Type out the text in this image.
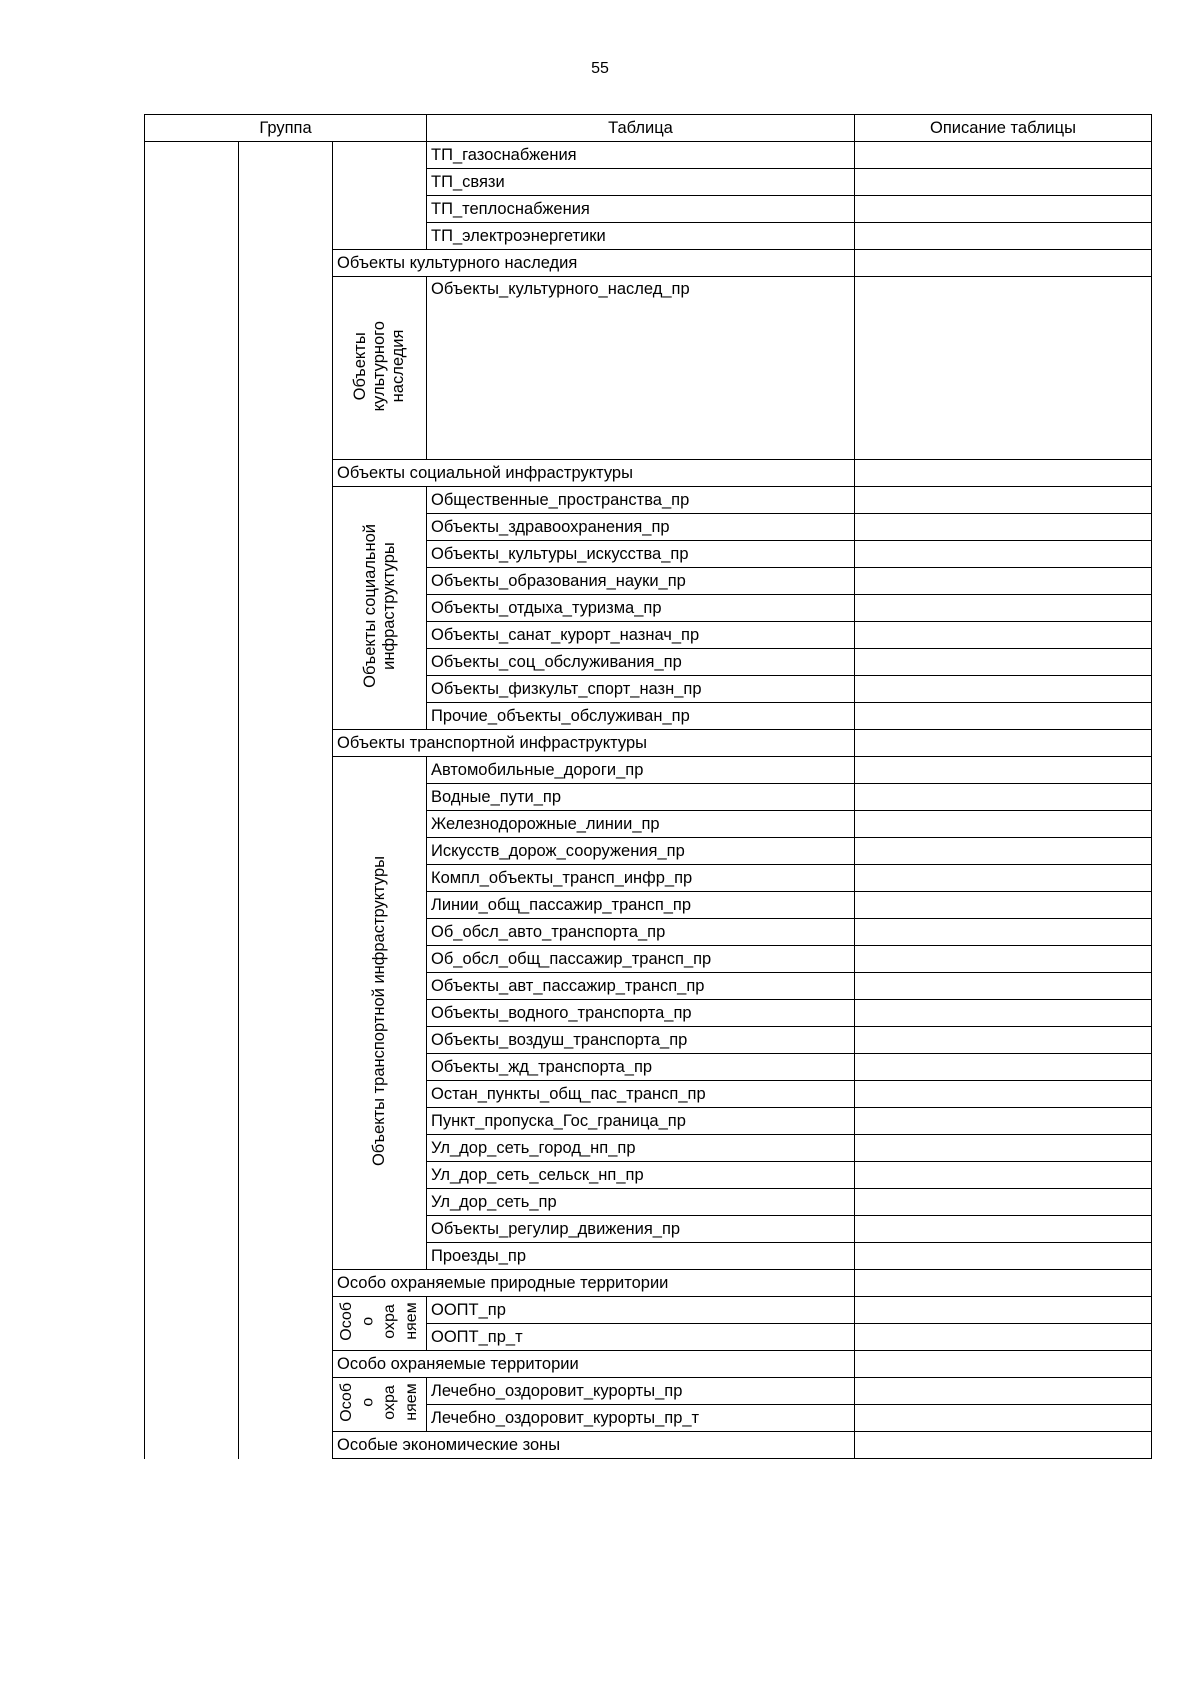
55
Группа			Таблица	Описание таблицы
			ТП_газоснабжения	
			ТП_связи	
			ТП_теплоснабжения	
			ТП_электроэнергетики	
		Объекты культурного наследия		
		Объекты
культурного
наследия	Объекты_культурного_наслед_пр	
		Объекты социальной инфраструктуры		
		Объекты социальной
инфраструктуры	Общественные_пространства_пр	
			Объекты_здравоохранения_пр	
			Объекты_культуры_искусства_пр	
			Объекты_образования_науки_пр	
			Объекты_отдыха_туризма_пр	
			Объекты_санат_курорт_назнач_пр	
			Объекты_соц_обслуживания_пр	
			Объекты_физкульт_спорт_назн_пр	
			Прочие_объекты_обслуживан_пр	
		Объекты транспортной инфраструктуры		
		Объекты транспортной инфраструктуры	Автомобильные_дороги_пр	
			Водные_пути_пр	
			Железнодорожные_линии_пр	
			Искусств_дорож_сооружения_пр	
			Компл_объекты_трансп_инфр_пр	
			Линии_общ_пассажир_трансп_пр	
			Об_обсл_авто_транспорта_пр	
			Об_обсл_общ_пассажир_трансп_пр	
			Объекты_авт_пассажир_трансп_пр	
			Объекты_водного_транспорта_пр	
			Объекты_воздуш_транспорта_пр	
			Объекты_жд_транспорта_пр	
			Остан_пункты_общ_пас_трансп_пр	
			Пункт_пропуска_Гос_граница_пр	
			Ул_дор_сеть_город_нп_пр	
			Ул_дор_сеть_сельск_нп_пр	
			Ул_дор_сеть_пр	
			Объекты_регулир_движения_пр	
			Проезды_пр	
		Особо охраняемые природные территории		
		Особ
о
охра
няем	ООПТ_пр	
			ООПТ_пр_т	
		Особо охраняемые территории		
		Особ
о
охра
няем	Лечебно_оздоровит_курорты_пр	
			Лечебно_оздоровит_курорты_пр_т	
		Особые экономические зоны		
